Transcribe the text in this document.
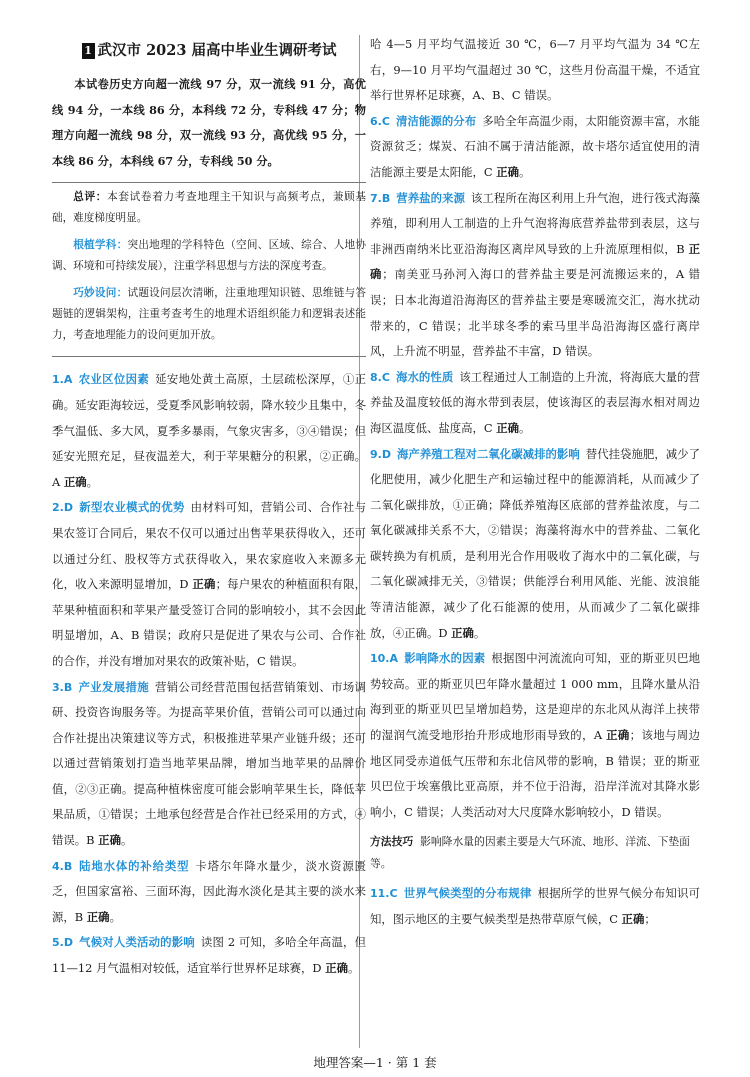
1 武汉市 2023 届高中毕业生调研考试

本试卷历史方向超一流线 97 分，双一流线 91 分，高优线 94 分，一本线 86 分，本科线 72 分，专科线 47 分；物理方向超一流线 98 分，双一流线 93 分，高优线 95 分，一本线 86 分，本科线 67 分，专科线 50 分。

总评：本套试卷着力考查地理主干知识与高频考点，兼顾基础，难度梯度明显。

根植学科：突出地理的学科特色（空间、区域、综合、人地协调、环境和可持续发展），注重学科思想与方法的深度考查。

巧妙设问：试题设问层次清晰，注重地理知识链、思维链与答题链的逻辑架构，注重考查考生的地理术语组织能力和逻辑表述能力，考查地理能力的设问更加开放。

1.A 农业区位因素 延安地处黄土高原，土层疏松深厚，①正确。延安距海较远，受夏季风影响较弱，降水较少且集中，冬季气温低、多大风，夏季多暴雨，气象灾害多，③④错误；但延安光照充足，昼夜温差大，利于苹果糖分的积累，②正确。A 正确。

2.D 新型农业模式的优势 由材料可知，营销公司、合作社与果农签订合同后，果农不仅可以通过出售苹果获得收入，还可以通过分红、股权等方式获得收入，果农家庭收入来源多元化，收入来源明显增加，D 正确；每户果农的种植面积有限，苹果种植面积和苹果产量受签订合同的影响较小，其不会因此明显增加，A、B 错误；政府只是促进了果农与公司、合作社的合作，并没有增加对果农的政策补贴，C 错误。

3.B 产业发展措施 营销公司经营范围包括营销策划、市场调研、投资咨询服务等。为提高苹果价值，营销公司可以通过向合作社提出决策建议等方式，积极推进苹果产业链升级；还可以通过营销策划打造当地苹果品牌，增加当地苹果的品牌价值，②③正确。提高种植株密度可能会影响苹果生长，降低苹果品质，①错误；土地承包经营是合作社已经采用的方式，④错误。B 正确。

4.B 陆地水体的补给类型 卡塔尔年降水量少，淡水资源匮乏，但国家富裕、三面环海，因此海水淡化是其主要的淡水来源，B 正确。

5.D 气候对人类活动的影响 读图 2 可知，多哈全年高温，但 11—12 月气温相对较低，适宜举行世界杯足球赛，D 正确。

哈 4—5 月平均气温接近 30 ℃，6—7 月平均气温为 34 ℃左右，9—10 月平均气温超过 30 ℃，这些月份高温干燥，不适宜举行世界杯足球赛，A、B、C 错误。

6.C 清洁能源的分布 多哈全年高温少雨，太阳能资源丰富，水能资源贫乏；煤炭、石油不属于清洁能源，故卡塔尔适宜使用的清洁能源主要是太阳能，C 正确。

7.B 营养盐的来源 该工程所在海区利用上升气泡，进行筏式海藻养殖，即利用人工制造的上升气泡将海底营养盐带到表层，这与非洲西南纳米比亚沿海海区离岸风导致的上升流原理相似，B 正确；南美亚马孙河入海口的营养盐主要是河流搬运来的，A 错误；日本北海道沿海海区的营养盐主要是寒暖流交汇，海水扰动带来的，C 错误；北半球冬季的索马里半岛沿海海区盛行离岸风，上升流不明显，营养盐不丰富，D 错误。

8.C 海水的性质 该工程通过人工制造的上升流，将海底大量的营养盐及温度较低的海水带到表层，使该海区的表层海水相对周边海区温度低、盐度高，C 正确。

9.D 海产养殖工程对二氧化碳减排的影响 替代挂袋施肥，减少了化肥使用，减少化肥生产和运输过程中的能源消耗，从而减少了二氧化碳排放，①正确；降低养殖海区底部的营养盐浓度，与二氧化碳减排关系不大，②错误；海藻将海水中的营养盐、二氧化碳转换为有机质，是利用光合作用吸收了海水中的二氧化碳，与二氧化碳减排无关，③错误；供能浮台利用风能、光能、波浪能等清洁能源，减少了化石能源的使用，从而减少了二氧化碳排放，④正确。D 正确。

10.A 影响降水的因素 根据图中河流流向可知，亚的斯亚贝巴地势较高。亚的斯亚贝巴年降水量超过 1 000 mm，且降水量从沿海到亚的斯亚贝巴呈增加趋势，这是迎岸的东北风从海洋上挟带的湿润气流受地形抬升形成地形雨导致的，A 正确；该地与周边地区同受赤道低气压带和东北信风带的影响，B 错误；亚的斯亚贝巴位于埃塞俄比亚高原，并不位于沿海，沿岸洋流对其降水影响小，C 错误；人类活动对大尺度降水影响较小，D 错误。

方法技巧 影响降水量的因素主要是大气环流、地形、洋流、下垫面等。

11.C 世界气候类型的分布规律 根据所学的世界气候分布知识可知，图示地区的主要气候类型是热带草原气候，C 正确；

地理答案—1 · 第 1 套
